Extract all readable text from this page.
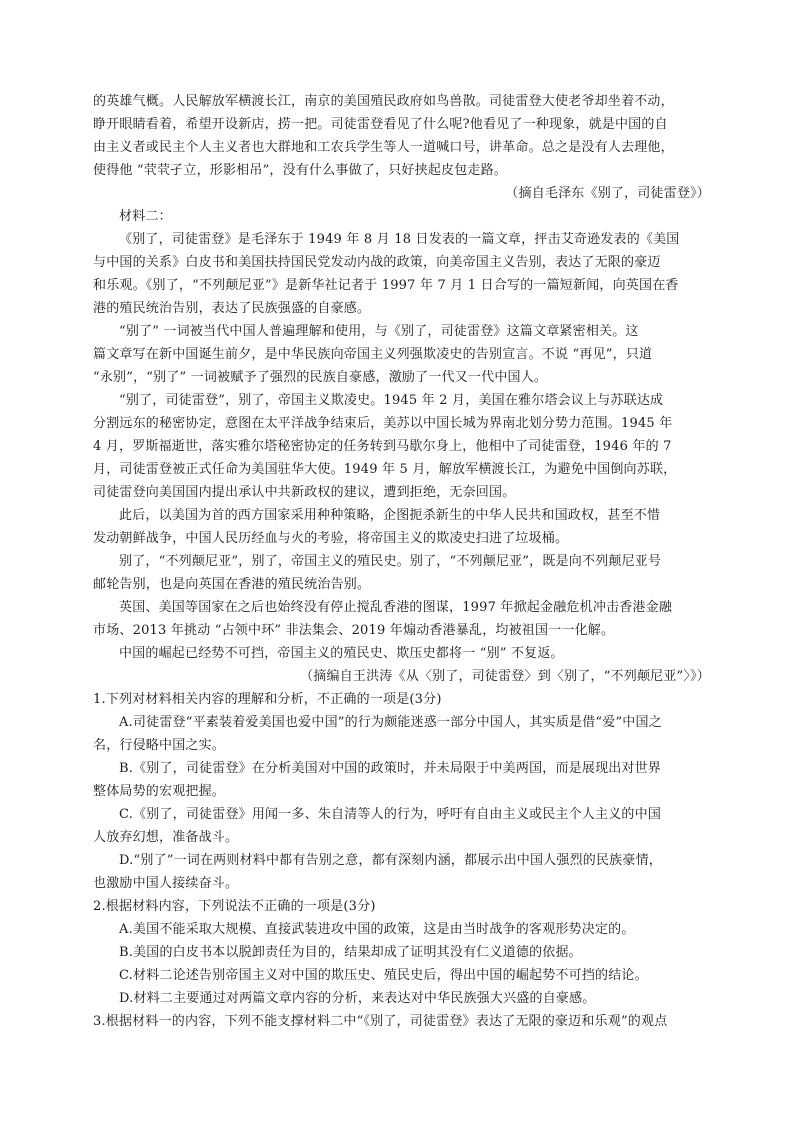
的英雄气概。人民解放军横渡长江，南京的美国殖民政府如鸟兽散。司徒雷登大使老爷却坐着不动，
睁开眼睛看着，希望开设新店，捞一把。司徒雷登看见了什么呢?他看见了一种现象，就是中国的自
由主义者或民主个人主义者也大群地和工农兵学生等人一道喊口号，讲革命。总之是没有人去理他，
使得他 “茕茕孑立，形影相吊”，没有什么事做了，只好挟起皮包走路。
（摘自毛泽东《别了，司徒雷登》）
材料二：
《别了，司徒雷登》是毛泽东于 1949 年 8 月 18 日发表的一篇文章，抨击艾奇逊发表的《美国
与中国的关系》白皮书和美国扶持国民党发动内战的政策，向美帝国主义告别，表达了无限的豪迈
和乐观。《别了，“不列颠尼亚”》是新华社记者于 1997 年 7 月 1 日合写的一篇短新闻，向英国在香
港的殖民统治告别，表达了民族强盛的自豪感。
“别了” 一词被当代中国人普遍理解和使用，与《别了，司徒雷登》这篇文章紧密相关。这
篇文章写在新中国诞生前夕，是中华民族向帝国主义列强欺凌史的告别宣言。不说 “再见”，只道
“永别”，“别了” 一词被赋予了强烈的民族自豪感，激励了一代又一代中国人。
“别了，司徒雷登”，别了，帝国主义欺凌史。1945 年 2 月，美国在雅尔塔会议上与苏联达成
分割远东的秘密协定，意图在太平洋战争结束后，美苏以中国长城为界南北划分势力范围。1945 年
4 月，罗斯福逝世，落实雅尔塔秘密协定的任务转到马歇尔身上，他相中了司徒雷登，1946 年的 7
月，司徒雷登被正式任命为美国驻华大使。1949 年 5 月，解放军横渡长江，为避免中国倒向苏联，
司徒雷登向美国国内提出承认中共新政权的建议，遭到拒绝，无奈回国。
此后，以美国为首的西方国家采用种种策略，企图扼杀新生的中华人民共和国政权，甚至不惜
发动朝鲜战争，中国人民历经血与火的考验，将帝国主义的欺凌史扫进了垃圾桶。
别了，“不列颠尼亚”，别了，帝国主义的殖民史。别了，“不列颠尼亚”，既是向不列颠尼亚号
邮轮告别，也是向英国在香港的殖民统治告别。
英国、美国等国家在之后也始终没有停止搅乱香港的图谋，1997 年掀起金融危机冲击香港金融
市场、2013 年挑动 “占领中环” 非法集会、2019 年煽动香港暴乱，均被祖国一一化解。
中国的崛起已经势不可挡，帝国主义的殖民史、欺压史都将一 “别” 不复返。
（摘编自王洪涛《从〈别了，司徒雷登〉到〈别了，“不列颠尼亚”〉》）
1.下列对材料相关内容的理解和分析，不正确的一项是(3分)
A.司徒雷登“平素装着爱美国也爱中国”的行为颇能迷惑一部分中国人，其实质是借“爱”中国之
名，行侵略中国之实。
B.《别了，司徒雷登》在分析美国对中国的政策时，并未局限于中美两国，而是展现出对世界
整体局势的宏观把握。
C.《别了，司徒雷登》用闻一多、朱自清等人的行为，呼吁有自由主义或民主个人主义的中国
人放弃幻想，准备战斗。
D.“别了”一词在两则材料中都有告别之意，都有深刻内涵，都展示出中国人强烈的民族豪情，
也激励中国人接续奋斗。
2.根据材料内容，下列说法不正确的一项是(3分)
A.美国不能采取大规模、直接武装进攻中国的政策，这是由当时战争的客观形势决定的。
B.美国的白皮书本以脱卸责任为目的，结果却成了证明其没有仁义道德的依据。
C.材料二论述告别帝国主义对中国的欺压史、殖民史后，得出中国的崛起势不可挡的结论。
D.材料二主要通过对两篇文章内容的分析，来表达对中华民族强大兴盛的自豪感。
3.根据材料一的内容，下列不能支撑材料二中“《别了，司徒雷登》表达了无限的豪迈和乐观”的观点
